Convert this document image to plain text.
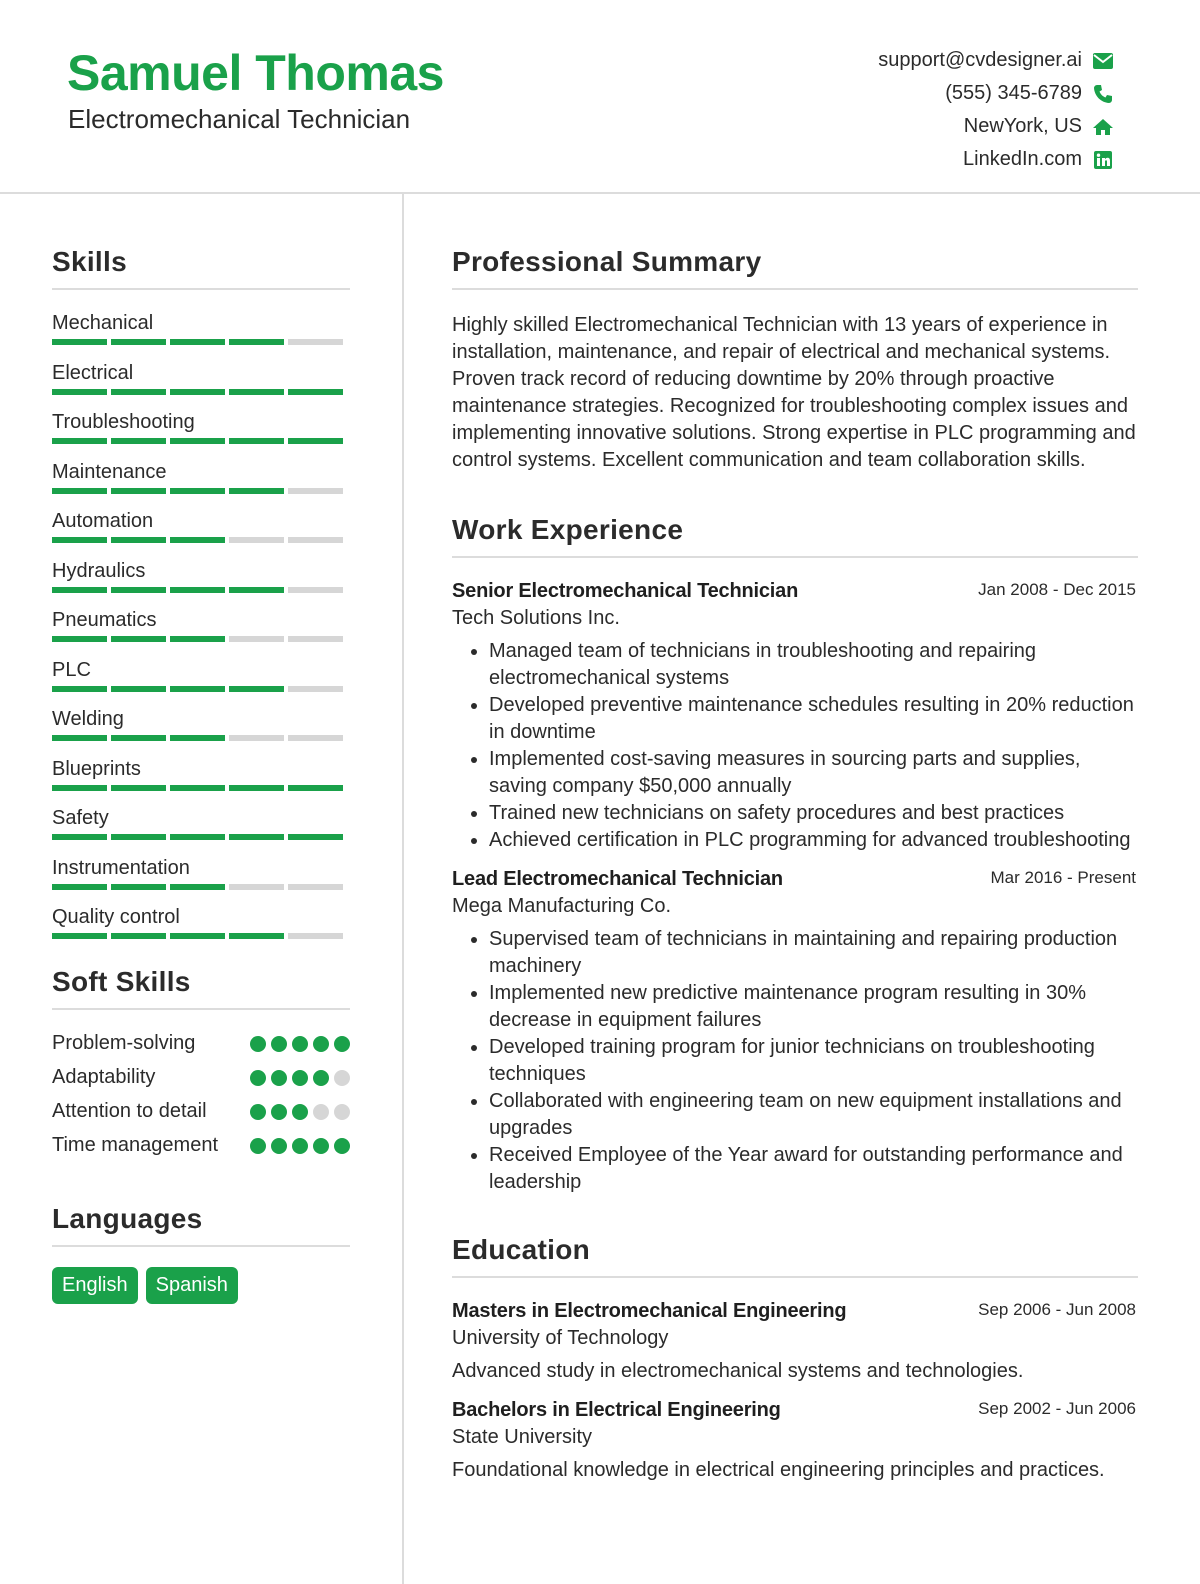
Samuel Thomas
Electromechanical Technician
support@cvdesigner.ai
(555) 345-6789
NewYork, US
LinkedIn.com
Skills
Mechanical
Electrical
Troubleshooting
Maintenance
Automation
Hydraulics
Pneumatics
PLC
Welding
Blueprints
Safety
Instrumentation
Quality control
Soft Skills
Problem-solving
Adaptability
Attention to detail
Time management
Languages
English	Spanish
Professional Summary
Highly skilled Electromechanical Technician with 13 years of experience in installation, maintenance, and repair of electrical and mechanical systems. Proven track record of reducing downtime by 20% through proactive maintenance strategies. Recognized for troubleshooting complex issues and implementing innovative solutions. Strong expertise in PLC programming and control systems. Excellent communication and team collaboration skills.
Work Experience
Senior Electromechanical Technician	Jan 2008 - Dec 2015
Tech Solutions Inc.
• Managed team of technicians in troubleshooting and repairing electromechanical systems
• Developed preventive maintenance schedules resulting in 20% reduction in downtime
• Implemented cost-saving measures in sourcing parts and supplies, saving company $50,000 annually
• Trained new technicians on safety procedures and best practices
• Achieved certification in PLC programming for advanced troubleshooting
Lead Electromechanical Technician	Mar 2016 - Present
Mega Manufacturing Co.
• Supervised team of technicians in maintaining and repairing production machinery
• Implemented new predictive maintenance program resulting in 30% decrease in equipment failures
• Developed training program for junior technicians on troubleshooting techniques
• Collaborated with engineering team on new equipment installations and upgrades
• Received Employee of the Year award for outstanding performance and leadership
Education
Masters in Electromechanical Engineering	Sep 2006 - Jun 2008
University of Technology
Advanced study in electromechanical systems and technologies.
Bachelors in Electrical Engineering	Sep 2002 - Jun 2006
State University
Foundational knowledge in electrical engineering principles and practices.
